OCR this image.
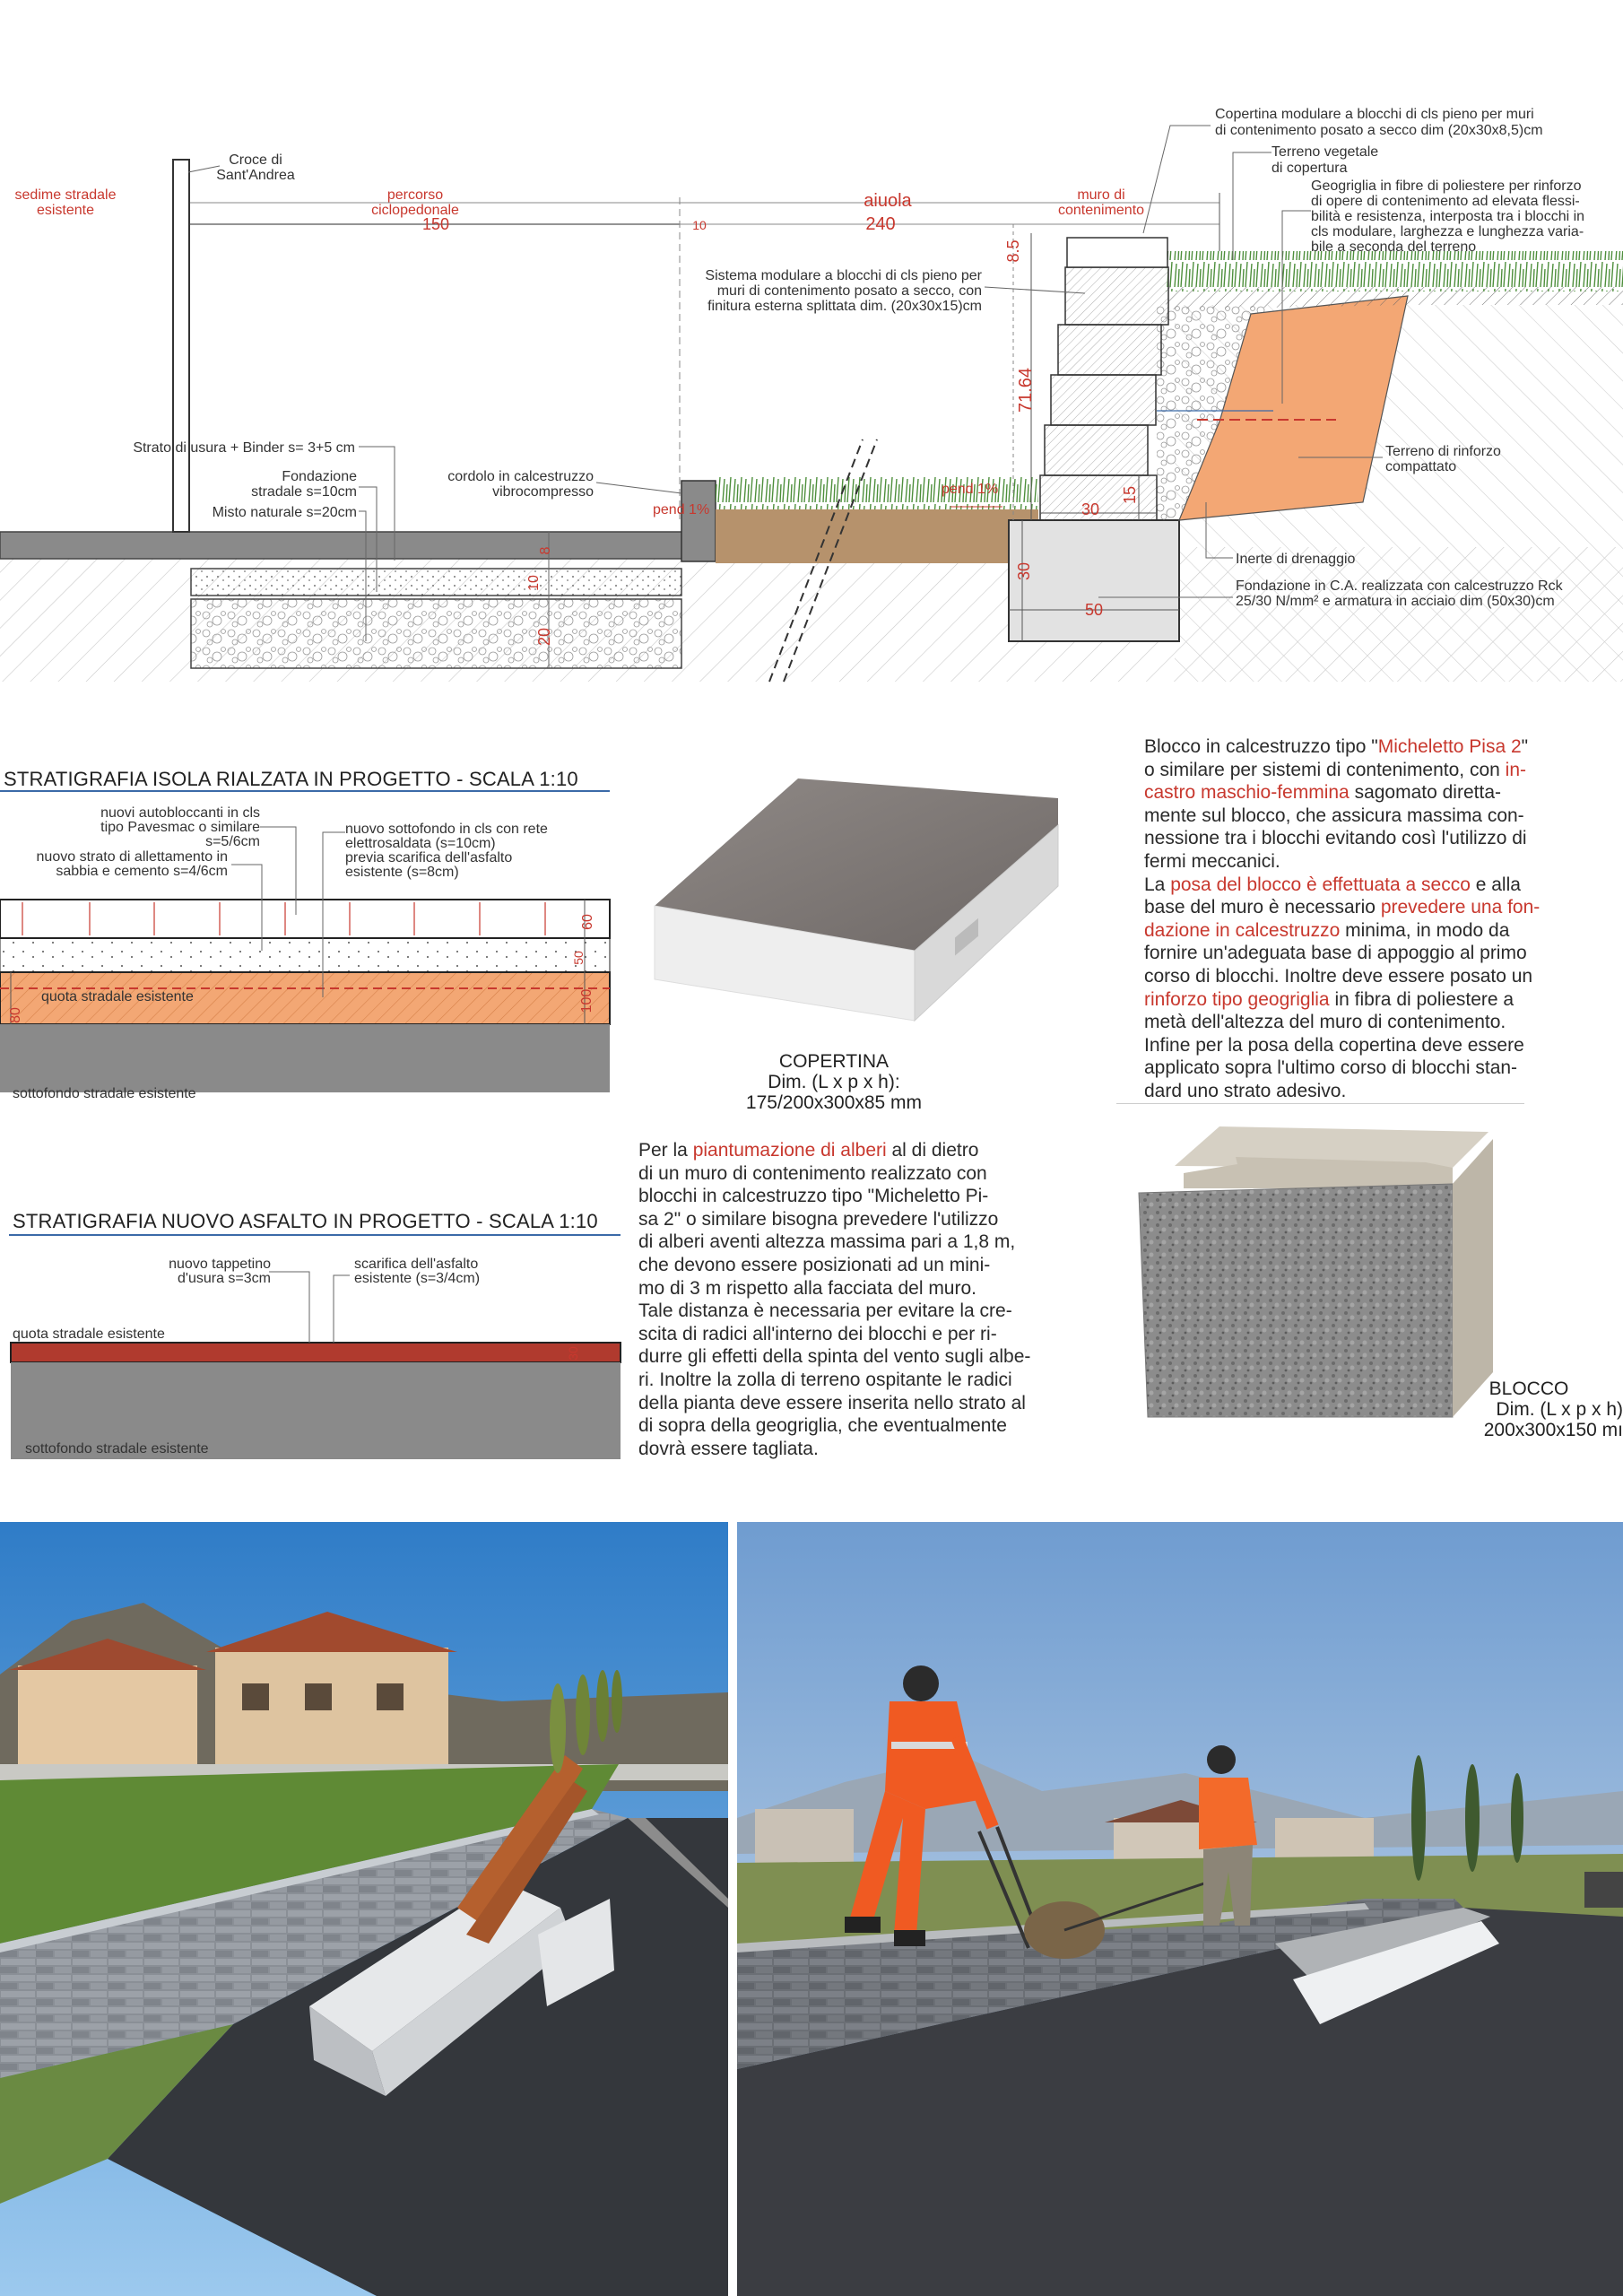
sedime stradale
esistente
Croce di
Sant'Andrea
percorso
ciclopedonale
150	10
aiuola
240
muro di
contenimento
Copertina modulare a blocchi di cls pieno per muri
di contenimento posato a secco dim (20x30x8,5)cm
Terreno vegetale
di copertura
Geogriglia in fibre di poliestere per rinforzo
di opere di contenimento ad elevata flessi-
bilità e resistenza, interposta tra i blocchi in
cls modulare, larghezza e lunghezza varia-
bile a seconda del terreno
Sistema modulare a blocchi di cls pieno per
muri di contenimento posato a secco, con
finitura esterna splittata dim. (20x30x15)cm
Strato di usura + Binder s= 3+5 cm
Fondazione
stradale s=10cm
Misto naturale s=20cm
cordolo in calcestruzzo
vibrocompresso
pend 1%
pend 1%
Terreno di rinforzo
compattato
Inerte di drenaggio
Fondazione in C.A. realizzata con calcestruzzo Rck
25/30 N/mm² e armatura in acciaio dim (50x30)cm
8.5
71.64
15
30
30
50
8
10
20
STRATIGRAFIA ISOLA RIALZATA IN PROGETTO - SCALA 1:10
nuovi autobloccanti in cls
tipo Pavesmac o similare
s=5/6cm
nuovo strato di allettamento in
sabbia e cemento s=4/6cm
nuovo sottofondo in cls con rete
elettrosaldata (s=10cm)
previa scarifica dell'asfalto
esistente (s=8cm)
quota stradale esistente
sottofondo stradale esistente
60
50
100
80
STRATIGRAFIA NUOVO ASFALTO IN PROGETTO - SCALA 1:10
nuovo tappetino
d'usura s=3cm
scarifica dell'asfalto
esistente (s=3/4cm)
quota stradale esistente
sottofondo stradale esistente
30
COPERTINA
Dim. (L x p x h):
175/200x300x85 mm

Blocco in calcestruzzo tipo "Micheletto Pisa 2"

o similare per sistemi di contenimento, con in-

castro maschio-femmina sagomato diretta-

mente sul blocco, che assicura massima con-

nessione tra i blocchi evitando così l'utilizzo di

fermi meccanici.

La posa del blocco è effettuata a secco e alla

base del muro è necessario prevedere una fon-

dazione in calcestruzzo minima, in modo da

fornire un'adeguata base di appoggio al primo

corso di blocchi. Inoltre deve essere posato un

rinforzo tipo geogriglia in fibra di poliestere a

metà dell'altezza del muro di contenimento.

Infine per la posa della copertina deve essere

applicato sopra l'ultimo corso di blocchi stan-

dard uno strato adesivo.

Per la piantumazione di alberi al di dietro

di un muro di contenimento realizzato con

blocchi in calcestruzzo tipo "Micheletto Pi-

sa 2" o similare bisogna prevedere l'utilizzo

di alberi aventi altezza massima pari a 1,8 m,

che devono essere posizionati ad un mini-

mo di 3 m rispetto alla facciata del muro.

Tale distanza è necessaria per evitare la cre-

scita di radici all'interno dei blocchi e per ri-

durre gli effetti della spinta del vento sugli albe-

ri. Inoltre la zolla di terreno ospitante le radici

della pianta deve essere inserita nello strato al

di sopra della geogriglia, che eventualmente

dovrà essere tagliata.

BLOCCO
Dim. (L x p x h)
200x300x150 mı
